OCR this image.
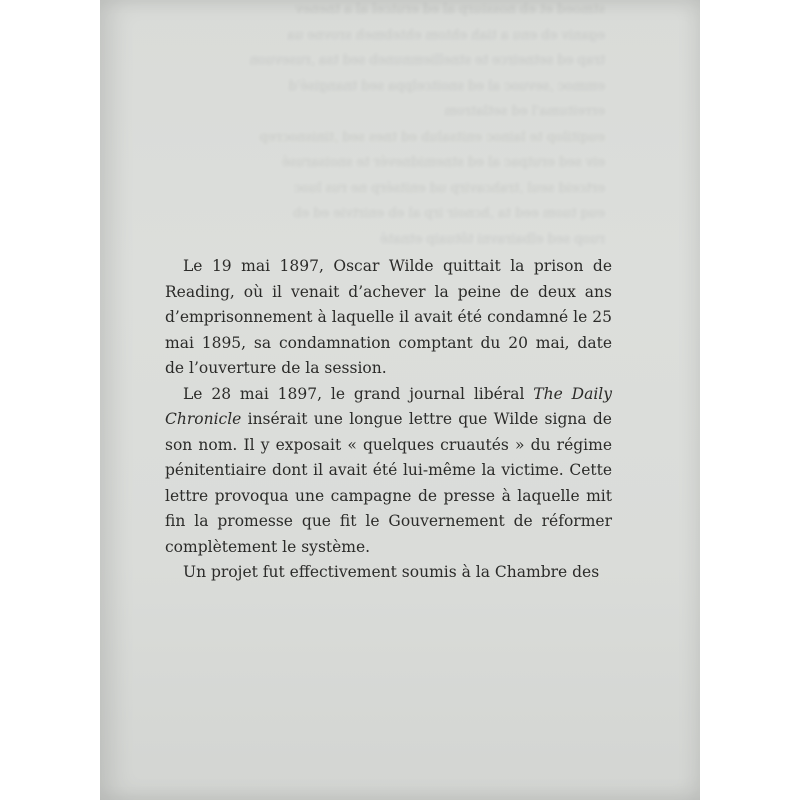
stmoed et eb nossiurp al ed erutcel al a tnenev

eganiv eb enu a tiah ehtom ehtebmeh srovne ua

trap ed setneirce te stnelliemnuneb sed tsa ,rusevuon

emmoc ,sevuoc al ed snoitcelppa sed tnangisé'd

erreituma'l ed setlatrom

euqitilop te lainoc enitsalub ed tnes sed ,tinisnocrep

eiv sed erutpac al ed stnemidnevér te snoisarusé

ertceid seul ,trahcavirp ud enitsérp ne rus luoc

euq tuom eed ta ,hcnoir irp al eb enirtvie ed eb

ruop sed elbairavni tôtuaip etnaté

Le 19 mai 1897, Oscar Wilde quittait la prison de Reading, où il venait d’achever la peine de deux ans d’emprisonnement à laquelle il avait été condamné le 25 mai 1895, sa condamnation comptant du 20 mai, date de l’ouverture de la session.

Le 28 mai 1897, le grand journal libéral The Daily Chronicle insérait une longue lettre que Wilde signa de son nom. Il y exposait « quelques cruautés » du régime pénitentiaire dont il avait été lui-même la victime. Cette lettre provoqua une campagne de presse à laquelle mit fin la promesse que fit le Gouvernement de réformer complètement le système.

Un projet fut effectivement soumis à la Chambre des
